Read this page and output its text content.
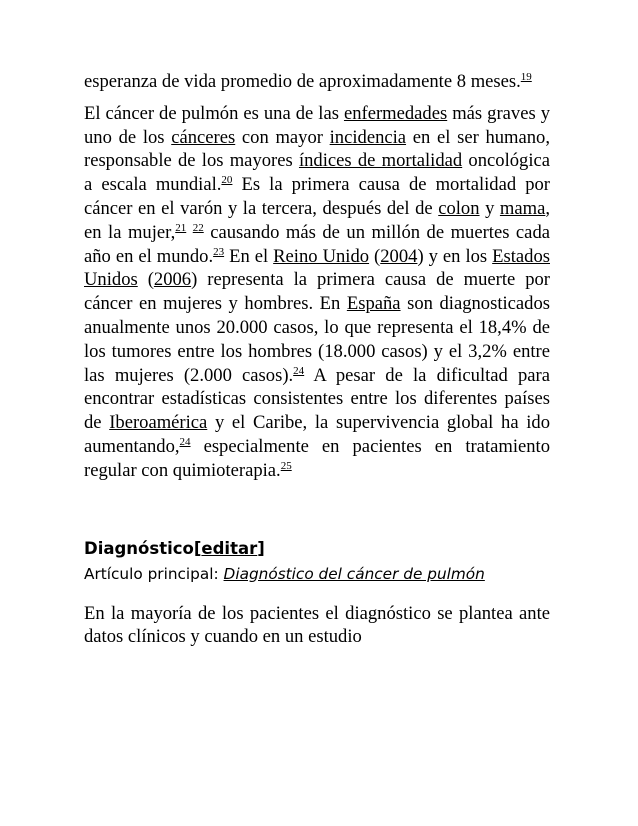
esperanza de vida promedio de aproximadamente 8 meses.$^{19}$

El cáncer de pulmón es una de las enfermedades más graves y uno de los cánceres con mayor incidencia en el ser humano, responsable de los mayores índices de mortalidad oncológica a escala mundial.$^{20}$ Es la primera causa de mortalidad por cáncer en el varón y la tercera, después del de colon y mama, en la mujer,$^{21}$ $^{22}$ causando más de un millón de muertes cada año en el mundo.$^{23}$ En el Reino Unido (2004) y en los Estados Unidos (2006) representa la primera causa de muerte por cáncer en mujeres y hombres. En España son diagnosticados anualmente unos 20.000 casos, lo que representa el 18,4% de los tumores entre los hombres (18.000 casos) y el 3,2% entre las mujeres (2.000 casos).$^{24}$ A pesar de la dificultad para encontrar estadísticas consistentes entre los diferentes países de Iberoamérica y el Caribe, la supervivencia global ha ido aumentando,$^{24}$ especialmente en pacientes en tratamiento regular con quimioterapia.$^{25}$

Diagnóstico[editar]
Artículo principal: Diagnóstico del cáncer de pulmón

En la mayoría de los pacientes el diagnóstico se plantea ante datos clínicos y cuando en un estudio
